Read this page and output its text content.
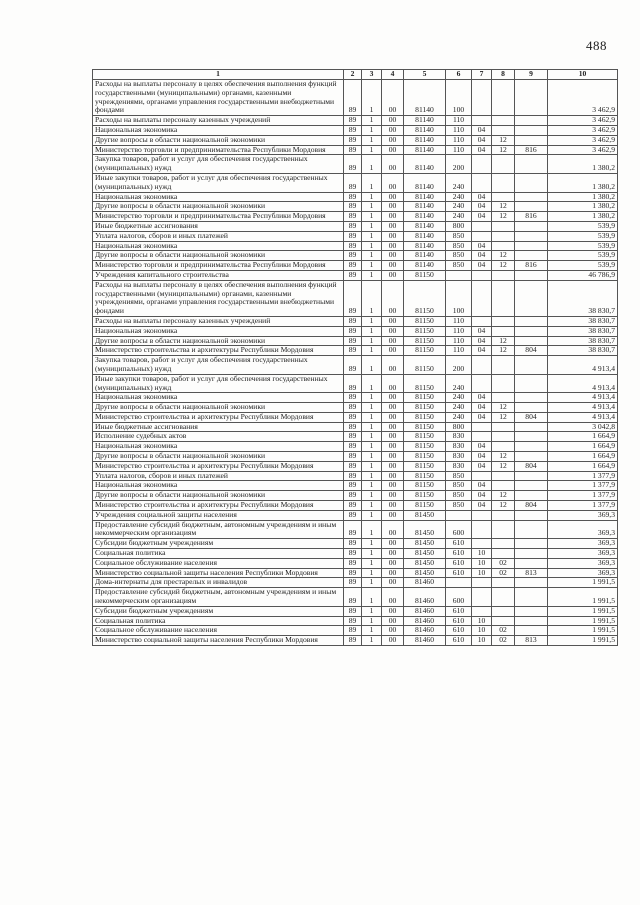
488
1	2	3	4	5	6	7	8	9	10
Расходы на выплаты персоналу в целях обеспечения выполнения функций государственными (муниципальными) органами, казенными учреждениями, органами управления государственными внебюджетными фондами	89	1	00	81140	100				3 462,9
Расходы на выплаты персоналу казенных учреждений	89	1	00	81140	110				3 462,9
Национальная экономика	89	1	00	81140	110	04			3 462,9
Другие вопросы в области национальной экономики	89	1	00	81140	110	04	12		3 462,9
Министерство торговли и предпринимательства Республики Мордовия	89	1	00	81140	110	04	12	816	3 462,9
Закупка товаров, работ и услуг для обеспечения государственных (муниципальных) нужд	89	1	00	81140	200				1 380,2
Иные закупки товаров, работ и услуг для обеспечения государственных (муниципальных) нужд	89	1	00	81140	240				1 380,2
Национальная экономика	89	1	00	81140	240	04			1 380,2
Другие вопросы в области национальной экономики	89	1	00	81140	240	04	12		1 380,2
Министерство торговли и предпринимательства Республики Мордовия	89	1	00	81140	240	04	12	816	1 380,2
Иные бюджетные ассигнования	89	1	00	81140	800				539,9
Уплата налогов, сборов и иных платежей	89	1	00	81140	850				539,9
Национальная экономика	89	1	00	81140	850	04			539,9
Другие вопросы в области национальной экономики	89	1	00	81140	850	04	12		539,9
Министерство торговли и предпринимательства Республики Мордовия	89	1	00	81140	850	04	12	816	539,9
Учреждения капитального строительства	89	1	00	81150					46 786,9
Расходы на выплаты персоналу в целях обеспечения выполнения функций государственными (муниципальными) органами, казенными учреждениями, органами управления государственными внебюджетными фондами	89	1	00	81150	100				38 830,7
Расходы на выплаты персоналу казенных учреждений	89	1	00	81150	110				38 830,7
Национальная экономика	89	1	00	81150	110	04			38 830,7
Другие вопросы в области национальной экономики	89	1	00	81150	110	04	12		38 830,7
Министерство строительства и архитектуры Республики Мордовия	89	1	00	81150	110	04	12	804	38 830,7
Закупка товаров, работ и услуг для обеспечения государственных (муниципальных) нужд	89	1	00	81150	200				4 913,4
Иные закупки товаров, работ и услуг для обеспечения государственных (муниципальных) нужд	89	1	00	81150	240				4 913,4
Национальная экономика	89	1	00	81150	240	04			4 913,4
Другие вопросы в области национальной экономики	89	1	00	81150	240	04	12		4 913,4
Министерство строительства и архитектуры Республики Мордовия	89	1	00	81150	240	04	12	804	4 913,4
Иные бюджетные ассигнования	89	1	00	81150	800				3 042,8
Исполнение судебных актов	89	1	00	81150	830				1 664,9
Национальная экономика	89	1	00	81150	830	04			1 664,9
Другие вопросы в области национальной экономики	89	1	00	81150	830	04	12		1 664,9
Министерство строительства и архитектуры Республики Мордовия	89	1	00	81150	830	04	12	804	1 664,9
Уплата налогов, сборов и иных платежей	89	1	00	81150	850				1 377,9
Национальная экономика	89	1	00	81150	850	04			1 377,9
Другие вопросы в области национальной экономики	89	1	00	81150	850	04	12		1 377,9
Министерство строительства и архитектуры Республики Мордовия	89	1	00	81150	850	04	12	804	1 377,9
Учреждения социальной защиты населения	89	1	00	81450					369,3
Предоставление субсидий бюджетным, автономным учреждениям и иным некоммерческим организациям	89	1	00	81450	600				369,3
Субсидии бюджетным учреждениям	89	1	00	81450	610				369,3
Социальная политика	89	1	00	81450	610	10			369,3
Социальное обслуживание населения	89	1	00	81450	610	10	02		369,3
Министерство социальной защиты населения Республики Мордовия	89	1	00	81450	610	10	02	813	369,3
Дома-интернаты для престарелых и инвалидов	89	1	00	81460					1 991,5
Предоставление субсидий бюджетным, автономным учреждениям и иным некоммерческим организациям	89	1	00	81460	600				1 991,5
Субсидии бюджетным учреждениям	89	1	00	81460	610				1 991,5
Социальная политика	89	1	00	81460	610	10			1 991,5
Социальное обслуживание населения	89	1	00	81460	610	10	02		1 991,5
Министерство социальной защиты населения Республики Мордовия	89	1	00	81460	610	10	02	813	1 991,5
